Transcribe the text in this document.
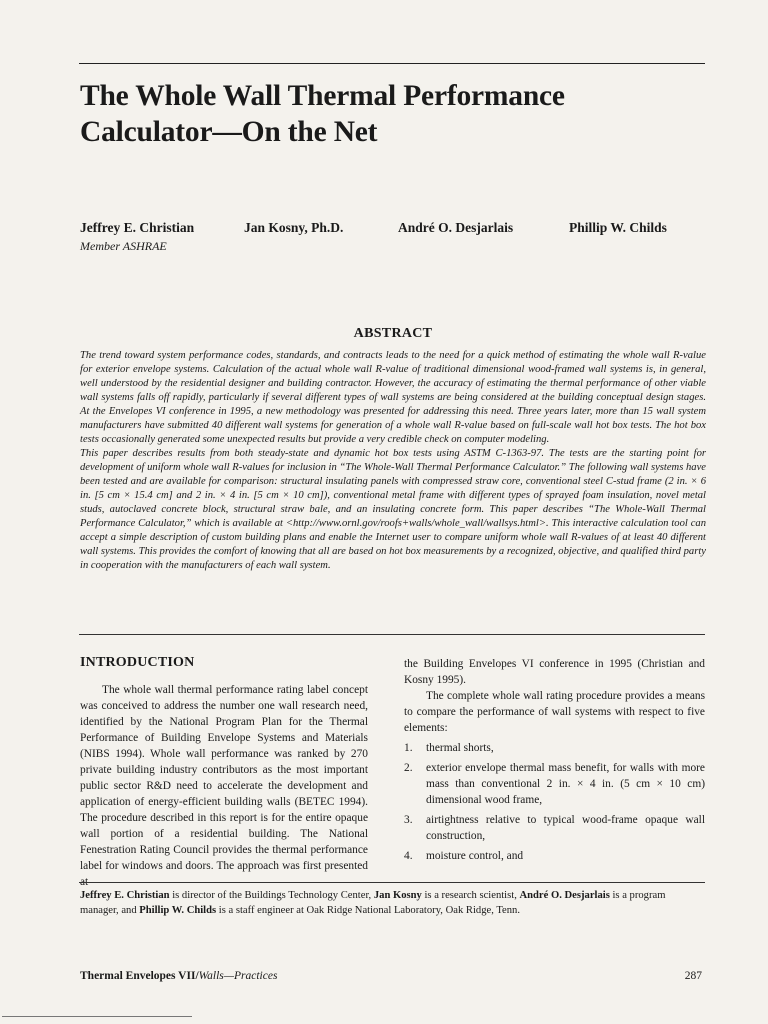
The Whole Wall Thermal Performance Calculator—On the Net
Jeffrey E. Christian
Member ASHRAE
Jan Kosny, Ph.D.	André O. Desjarlais	Phillip W. Childs
ABSTRACT

The trend toward system performance codes, standards, and contracts leads to the need for a quick method of estimating the whole wall R-value for exterior envelope systems. Calculation of the actual whole wall R-value of traditional dimensional wood-framed wall systems is, in general, well understood by the residential designer and building contractor. However, the accuracy of estimating the thermal performance of other viable wall systems falls off rapidly, particularly if several different types of wall systems are being considered at the building conceptual design stages. At the Envelopes VI conference in 1995, a new methodology was presented for addressing this need. Three years later, more than 15 wall system manufacturers have submitted 40 different wall systems for generation of a whole wall R-value based on full-scale wall hot box tests. The hot box tests occasionally generated some unexpected results but provide a very credible check on computer modeling.

This paper describes results from both steady-state and dynamic hot box tests using ASTM C-1363-97. The tests are the starting point for development of uniform whole wall R-values for inclusion in “The Whole-Wall Thermal Performance Calculator.” The following wall systems have been tested and are available for comparison: structural insulating panels with compressed straw core, conventional steel C-stud frame (2 in. × 6 in. [5 cm × 15.4 cm] and 2 in. × 4 in. [5 cm × 10 cm]), conventional metal frame with different types of sprayed foam insulation, novel metal studs, autoclaved concrete block, structural straw bale, and an insulating concrete form. This paper describes “The Whole-Wall Thermal Performance Calculator,” which is available at <http://www.ornl.gov/roofs+walls/whole_wall/wallsys.html>. This interactive calculation tool can accept a simple description of custom building plans and enable the Internet user to compare uniform whole wall R-values of at least 40 different wall systems. This provides the comfort of knowing that all are based on hot box measurements by a recognized, objective, and qualified third party in cooperation with the manufacturers of each wall system.

INTRODUCTION

The whole wall thermal performance rating label concept was conceived to address the number one wall research need, identified by the National Program Plan for the Thermal Performance of Building Envelope Systems and Materials (NIBS 1994). Whole wall performance was ranked by 270 private building industry contributors as the most important public sector R&D need to accelerate the development and application of energy-efficient building walls (BETEC 1994). The procedure described in this report is for the entire opaque wall portion of a residential building. The National Fenestration Rating Council provides the thermal performance label for windows and doors. The approach was first presented at

the Building Envelopes VI conference in 1995 (Christian and Kosny 1995).

The complete whole wall rating procedure provides a means to compare the performance of wall systems with respect to five elements:

1.	thermal shorts,
2.	exterior envelope thermal mass benefit, for walls with more mass than conventional 2 in. × 4 in. (5 cm × 10 cm) dimensional wood frame,
3.	airtightness relative to typical wood-frame opaque wall construction,
4.	moisture control, and

Jeffrey E. Christian is director of the Buildings Technology Center, Jan Kosny is a research scientist, André O. Desjarlais is a program manager, and Phillip W. Childs is a staff engineer at Oak Ridge National Laboratory, Oak Ridge, Tenn.

Thermal Envelopes VII/Walls—Practices	287
